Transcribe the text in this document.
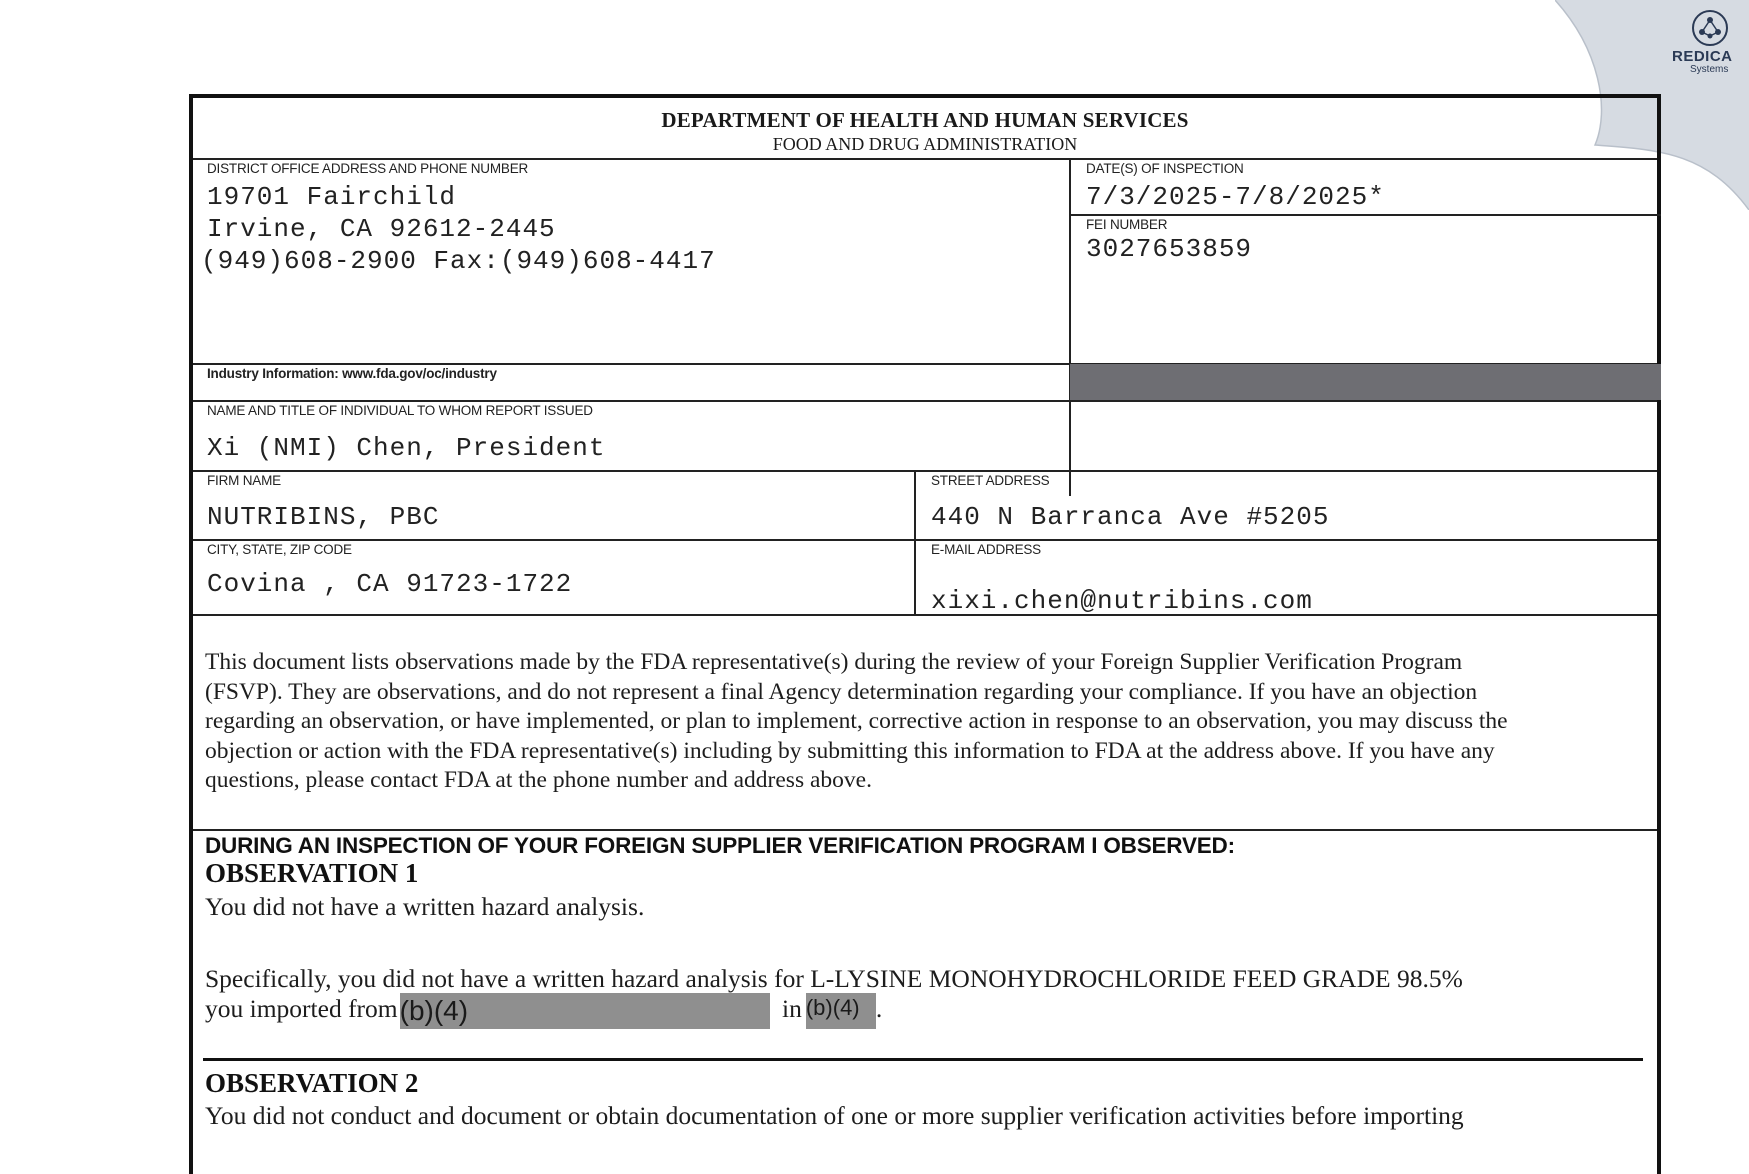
REDICA
Systems
DEPARTMENT OF HEALTH AND HUMAN SERVICES
FOOD AND DRUG ADMINISTRATION
DISTRICT OFFICE ADDRESS AND PHONE NUMBER
19701 Fairchild
Irvine, CA 92612-2445
(949)608-2900 Fax:(949)608-4417
DATE(S) OF INSPECTION
7/3/2025-7/8/2025*
FEI NUMBER
3027653859
Industry Information: www.fda.gov/oc/industry
NAME AND TITLE OF INDIVIDUAL TO WHOM REPORT ISSUED
Xi (NMI) Chen, President
FIRM NAME
NUTRIBINS, PBC
STREET ADDRESS
440 N Barranca Ave #5205
CITY, STATE, ZIP CODE
Covina , CA 91723-1722
E-MAIL ADDRESS
xixi.chen@nutribins.com
This document lists observations made by the FDA representative(s) during the review of your Foreign Supplier Verification Program
(FSVP). They are observations, and do not represent a final Agency determination regarding your compliance. If you have an objection
regarding an observation, or have implemented, or plan to implement, corrective action in response to an observation, you may discuss the
objection or action with the FDA representative(s) including by submitting this information to FDA at the address above. If you have any
questions, please contact FDA at the phone number and address above.
DURING AN INSPECTION OF YOUR FOREIGN SUPPLIER VERIFICATION PROGRAM I OBSERVED:
OBSERVATION 1
You did not have a written hazard analysis.
Specifically, you did not have a written hazard analysis for L-LYSINE MONOHYDROCHLORIDE FEED GRADE 98.5%
you imported from(b)(4)	in (b)(4) .
OBSERVATION 2
You did not conduct and document or obtain documentation of one or more supplier verification activities before importing
